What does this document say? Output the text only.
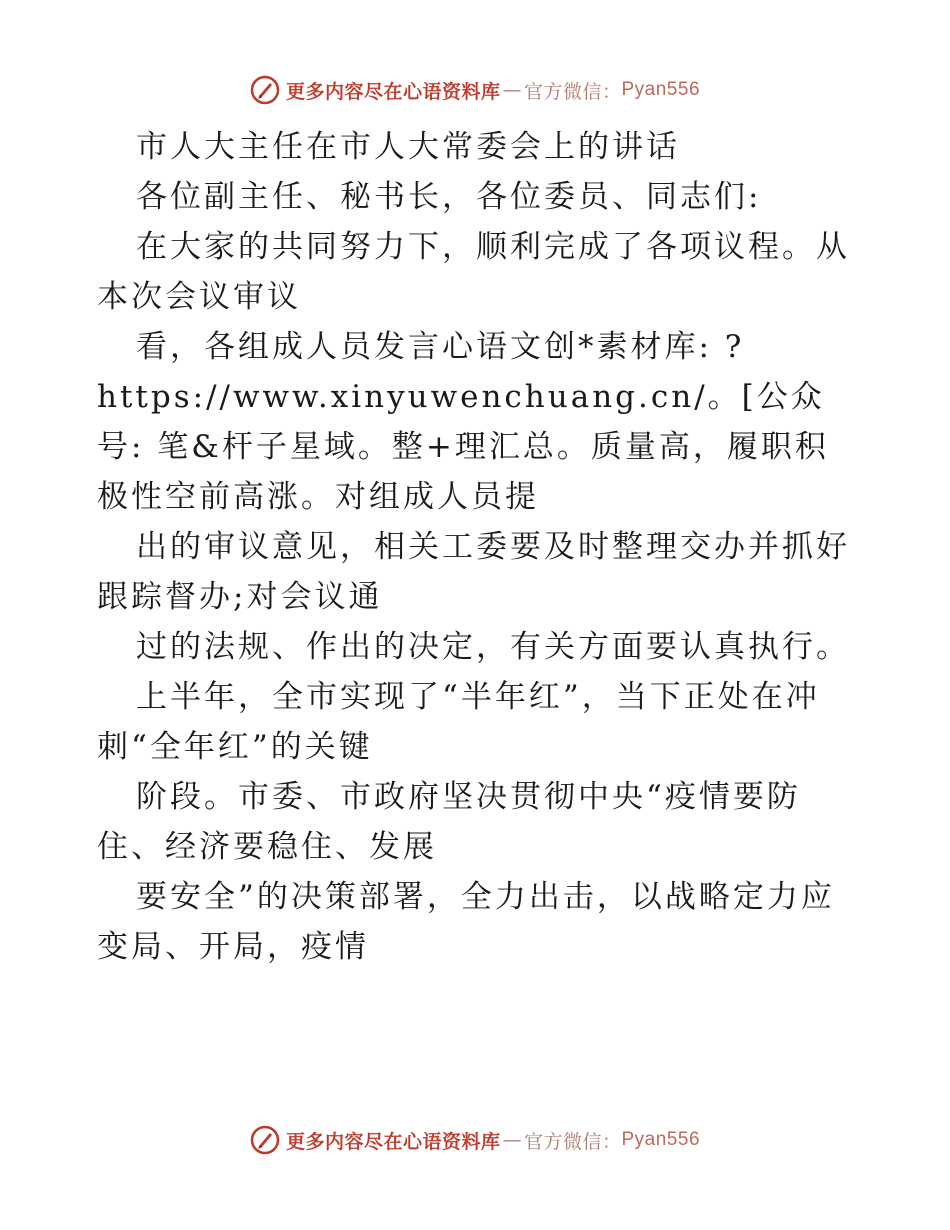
更多内容尽在心语资料库 — 官方微信： Pyan556

市人大主任在市人大常委会上的讲话

各位副主任、秘书长，各位委员、同志们:

在大家的共同努力下，顺利完成了各项议程。从本次会议审议

看，各组成人员发言心语文创*素材库: ?

https://www.xinyuwenchuang.cn/。[公众号: 笔&杆子星域。整+理汇总。质量高，履职积极性空前高涨。对组成人员提

出的审议意见，相关工委要及时整理交办并抓好跟踪督办;对会议通

过的法规、作出的决定，有关方面要认真执行。

上半年，全市实现了“半年红”，当下正处在冲刺“全年红”的关键

阶段。市委、市政府坚决贯彻中央“疫情要防住、经济要稳住、发展

要安全”的决策部署，全力出击，以战略定力应变局、开局，疫情

更多内容尽在心语资料库 — 官方微信： Pyan556
